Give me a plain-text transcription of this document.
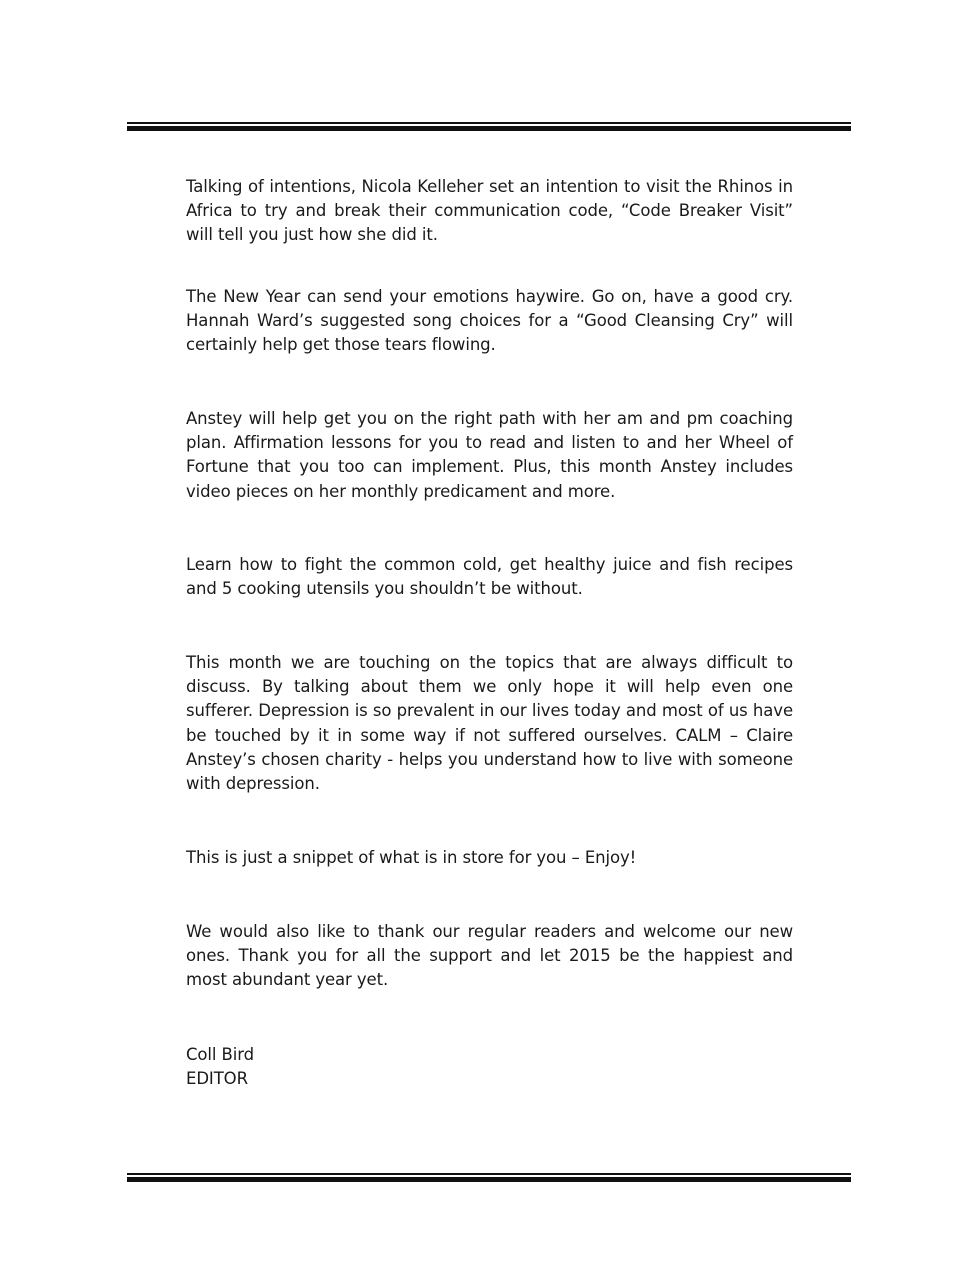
Talking of intentions, Nicola Kelleher set an intention to visit the Rhinos in Africa to try and break their communication code, “Code Breaker Visit” will tell you just how she did it.

The New Year can send your emotions haywire. Go on, have a good cry. Hannah Ward’s suggested song choices for a “Good Cleansing Cry” will certainly help get those tears flowing.

Anstey will help get you on the right path with her am and pm coaching plan. Affirmation lessons for you to read and listen to and her Wheel of Fortune that you too can implement. Plus, this month Anstey includes video pieces on her monthly predicament and more.

Learn how to fight the common cold, get healthy juice and fish recipes and 5 cooking utensils you shouldn’t be without.

This month we are touching on the topics that are always difficult to discuss. By talking about them we only hope it will help even one sufferer. Depression is so prevalent in our lives today and most of us have be touched by it in some way if not suffered ourselves. CALM – Claire Anstey’s chosen charity - helps you understand how to live with someone with depression.

This is just a snippet of what is in store for you – Enjoy!

We would also like to thank our regular readers and welcome our new ones. Thank you for all the support and let 2015 be the happiest and most abundant year yet.

Coll Bird
EDITOR
